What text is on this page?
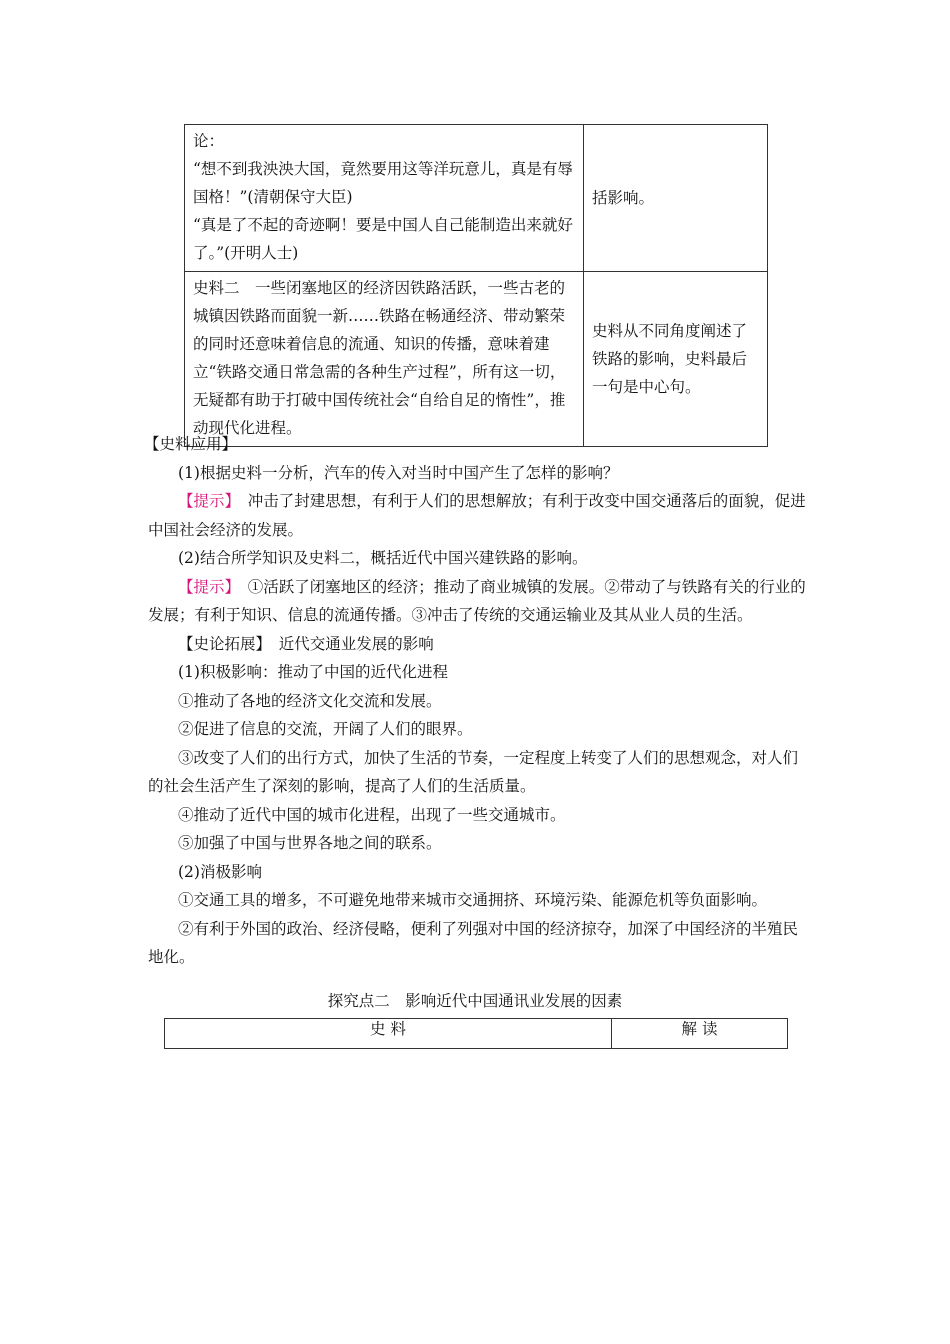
论：

“想不到我泱泱大国，竟然要用这等洋玩意儿，真是有辱国格！”(清朝保守大臣)

“真是了不起的奇迹啊！要是中国人自己能制造出来就好了。”(开明人士)	括影响。
史料二　一些闭塞地区的经济因铁路活跃，一些古老的城镇因铁路而面貌一新……铁路在畅通经济、带动繁荣的同时还意味着信息的流通、知识的传播，意味着建立“铁路交通日常急需的各种生产过程”，所有这一切，无疑都有助于打破中国传统社会“自给自足的惰性”，推动现代化进程。	史料从不同角度阐述了铁路的影响，史料最后一句是中心句。

【史料应用】

(1)根据史料一分析，汽车的传入对当时中国产生了怎样的影响？

【提示】　 冲击了封建思想，有利于人们的思想解放；有利于改变中国交通落后的面貌，促进中国社会经济的发展。

(2)结合所学知识及史料二，概括近代中国兴建铁路的影响。

【提示】　 ①活跃了闭塞地区的经济；推动了商业城镇的发展。②带动了与铁路有关的行业的发展；有利于知识、信息的流通传播。③冲击了传统的交通运输业及其从业人员的生活。

【史论拓展】　近代交通业发展的影响

(1)积极影响：推动了中国的近代化进程

①推动了各地的经济文化交流和发展。

②促进了信息的交流，开阔了人们的眼界。

③改变了人们的出行方式，加快了生活的节奏，一定程度上转变了人们的思想观念，对人们的社会生活产生了深刻的影响，提高了人们的生活质量。

④推动了近代中国的城市化进程，出现了一些交通城市。

⑤加强了中国与世界各地之间的联系。

(2)消极影响

①交通工具的增多，不可避免地带来城市交通拥挤、环境污染、能源危机等负面影响。

②有利于外国的政治、经济侵略，便利了列强对中国的经济掠夺，加深了中国经济的半殖民地化。

探究点二　影响近代中国通讯业发展的因素
史 料	解 读
